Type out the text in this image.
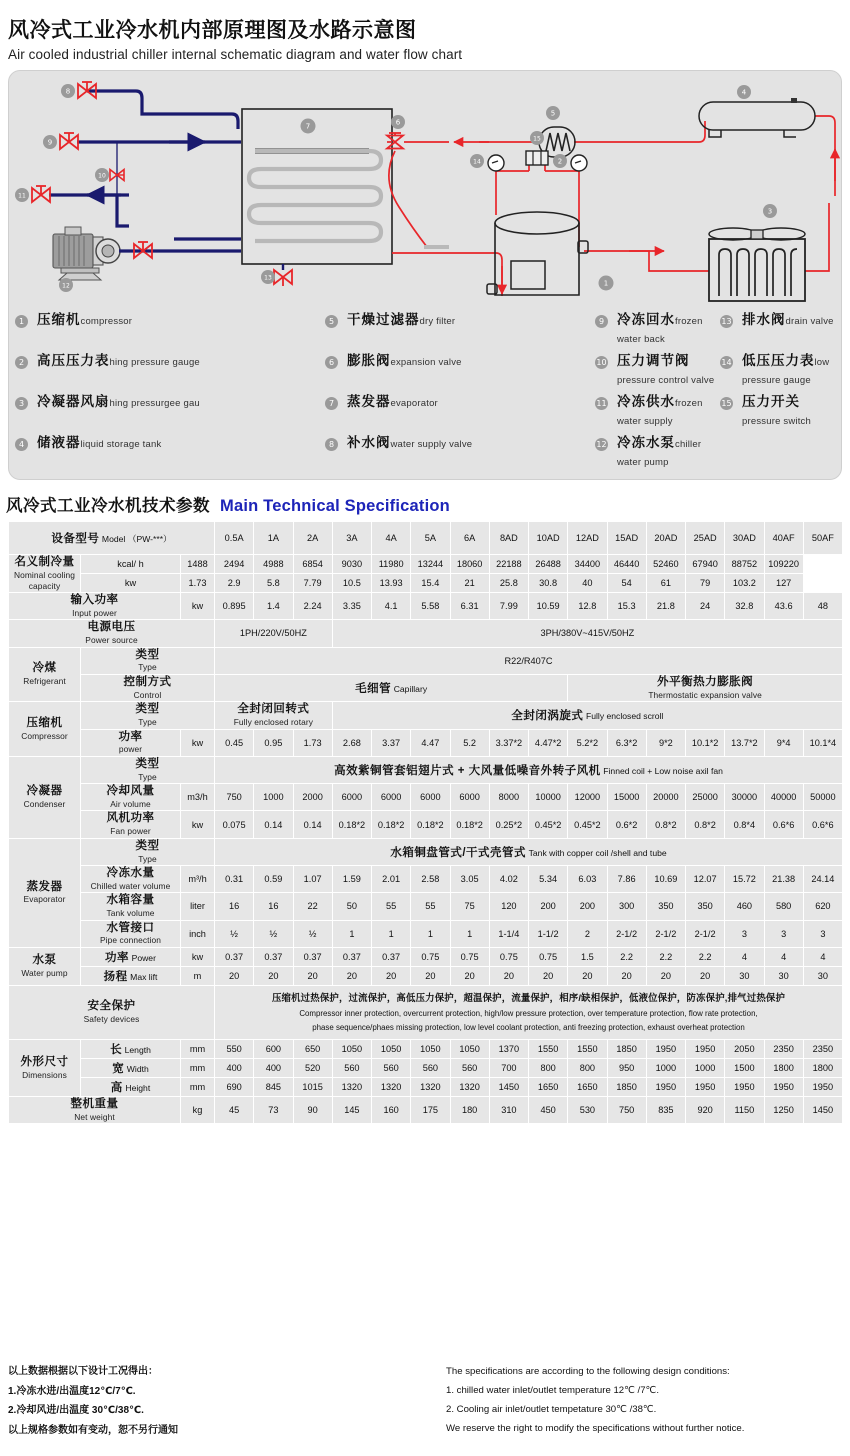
风冷式工业冷水机内部原理图及水路示意图
Air cooled industrial chiller internal schematic diagram and water flow chart
1
2
3
4
5
6
7
8
9
10
11
12
13
14
15
1 压缩机compressor
2 高压压力表hing pressure gauge
3 冷凝器风扇hing pressurgee gau
4 储液器liquid storage tank
5 干燥过滤器dry filter
6 膨胀阀expansion valve
7 蒸发器evaporator
8 补水阀water supply valve
9 冷冻回水frozen water back
10 压力调节阀pressure control valve
11 冷冻供水frozen water supply
12 冷冻水泵chiller water pump
13 排水阀drain valve
14 低压压力表low pressure gauge
15 压力开关pressure switch
风冷式工业冷水机技术参数 Main Technical Specification
设备型号 Model （PW-***）			0.5A	1A	2A	3A	4A	5A	6A	8AD	10AD	12AD	15AD	20AD	25AD	30AD	40AF	50AF

名义制冷量
Nominal cooling capacity	kcal/ h	1488	2494	4988	6854	9030	11980	13244	18060	22188	26488	34400	46440	52460	67940	88752	109220	
	kw	1.73	2.9	5.8	7.79	10.5	13.93	15.4	21	25.8	30.8	40	54	61	79	103.2	127	

输入功率
Input power		kw	0.895	1.4	2.24	3.35	4.1	5.58	6.31	7.99	10.59	12.8	15.3	21.8	24	32.8	43.6	48

电源电压
Power source			1PH/220V/50HZ			3PH/380V~415V/50HZ												

冷煤
Refrigerant	类型
Type		R22/R407C															

	控制方式
Control		毛细管 Capillary									外平衡热力膨胀阀
Thermostatic expansion valve						

压缩机
Compressor	类型
Type		全封闭回转式
Fully enclosed rotary			全封闭涡旋式 Fully enclosed scroll												

	功率
power	kw	0.45	0.95	1.73	2.68	3.37	4.47	5.2	3.37*2	4.47*2	5.2*2	6.3*2	9*2	10.1*2	13.7*2	9*4	10.1*4

冷凝器
Condenser	类型
Type		高效紫铜管套铝翅片式 + 大风量低噪音外转子风机 Finned coil + Low noise axil fan															

	冷却风量
Air volume	m3/h	750	1000	2000	6000	6000	6000	6000	8000	10000	12000	15000	20000	25000	30000	40000	50000

	风机功率
Fan power	kw	0.075	0.14	0.14	0.18*2	0.18*2	0.18*2	0.18*2	0.25*2	0.45*2	0.45*2	0.6*2	0.8*2	0.8*2	0.8*4	0.6*6	0.6*6

蒸发器
Evaporator	类型
Type		水箱铜盘管式/干式壳管式 Tank with copper coil /shell and tube															

	冷冻水量
Chilled water volume	m³/h	0.31	0.59	1.07	1.59	2.01	2.58	3.05	4.02	5.34	6.03	7.86	10.69	12.07	15.72	21.38	24.14

	水箱容量
Tank volume	liter	16	16	22	50	55	55	75	120	200	200	300	350	350	460	580	620

	水管接口
Pipe connection	inch	½	½	½	1	1	1	1	1-1/4	1-1/2	2	2-1/2	2-1/2	2-1/2	3	3	3

水泵
Water pump	功率 Power	kw	0.37	0.37	0.37	0.37	0.37	0.75	0.75	0.75	0.75	1.5	2.2	2.2	2.2	4	4	4
	扬程 Max lift	m	20	20	20	20	20	20	20	20	20	20	20	20	20	30	30	30

安全保护
Safety devices			压缩机过热保护，过流保护，高低压力保护，超温保护，流量保护，相序/缺相保护，低液位保护，防冻保护,排气过热保护
Compressor inner protection, overcurrent protection, high/low pressure protection, over temperature protection, flow rate protection,
phase sequence/phaes missing protection, low level coolant protection, anti freezing protection, exhaust overheat protection															

外形尺寸
Dimensions	长 Length	mm	550	600	650	1050	1050	1050	1050	1370	1550	1550	1850	1950	1950	2050	2350	2350
	宽 Width	mm	400	400	520	560	560	560	560	700	800	800	950	1000	1000	1500	1800	1800
	高 Height	mm	690	845	1015	1320	1320	1320	1320	1450	1650	1650	1850	1950	1950	1950	1950	1950

整机重量
Net weight		kg	45	73	90	145	160	175	180	310	450	530	750	835	920	1150	1250	1450

以上数据根据以下设计工况得出：

1.冷冻水进/出温度12℃/7℃.

2.冷却风进/出温度 30℃/38℃.

以上规格参数如有变动，恕不另行通知

The specifications are according to the following design conditions:

1. chilled water inlet/outlet temperature 12℃ /7℃.

2. Cooling air inlet/outlet tempetature 30℃ /38℃.

We reserve the right to modify the specifications without further notice.
